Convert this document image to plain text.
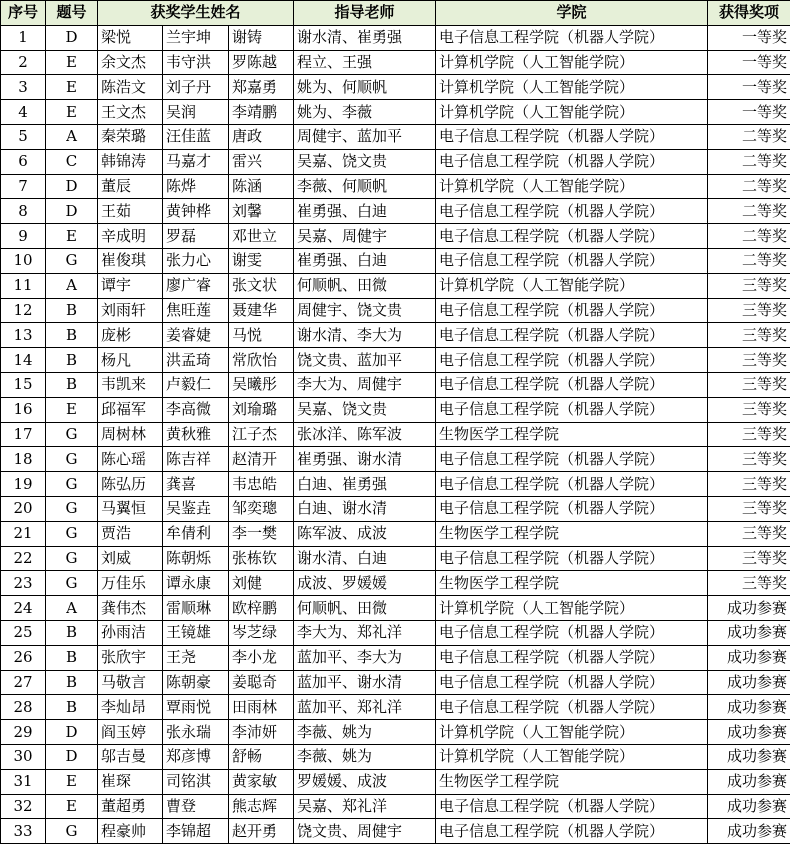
序号	题号	获奖学生姓名			指导老师	学院	获得奖项
1	D	梁悦	兰宇坤	谢铸	谢水清、崔勇强	电子信息工程学院（机器人学院）	一等奖
2	E	余文杰	韦守洪	罗陈越	程立、王强	计算机学院（人工智能学院）	一等奖
3	E	陈浩文	刘子丹	郑嘉勇	姚为、何顺帆	计算机学院（人工智能学院）	一等奖
4	E	王文杰	吴润	李靖鹏	姚为、李薇	计算机学院（人工智能学院）	一等奖
5	A	秦荣璐	汪佳蓝	唐政	周健宇、蓝加平	电子信息工程学院（机器人学院）	二等奖
6	C	韩锦涛	马嘉才	雷兴	吴嘉、饶文贵	电子信息工程学院（机器人学院）	二等奖
7	D	董辰	陈烨	陈涵	李薇、何顺帆	计算机学院（人工智能学院）	二等奖
8	D	王茹	黄钟桦	刘馨	崔勇强、白迪	电子信息工程学院（机器人学院）	二等奖
9	E	辛成明	罗磊	邓世立	吴嘉、周健宇	电子信息工程学院（机器人学院）	二等奖
10	G	崔俊琪	张力心	谢雯	崔勇强、白迪	电子信息工程学院（机器人学院）	二等奖
11	A	谭宇	廖广睿	张文状	何顺帆、田微	计算机学院（人工智能学院）	三等奖
12	B	刘雨轩	焦旺莲	聂建华	周健宇、饶文贵	电子信息工程学院（机器人学院）	三等奖
13	B	庞彬	姜睿婕	马悦	谢水清、李大为	电子信息工程学院（机器人学院）	三等奖
14	B	杨凡	洪孟琦	常欣怡	饶文贵、蓝加平	电子信息工程学院（机器人学院）	三等奖
15	B	韦凯来	卢毅仁	吴曦彤	李大为、周健宇	电子信息工程学院（机器人学院）	三等奖
16	E	邱福军	李高微	刘瑜璐	吴嘉、饶文贵	电子信息工程学院（机器人学院）	三等奖
17	G	周树林	黄秋雅	江子杰	张冰洋、陈军波	生物医学工程学院	三等奖
18	G	陈心瑶	陈吉祥	赵清开	崔勇强、谢水清	电子信息工程学院（机器人学院）	三等奖
19	G	陈弘历	龚喜	韦忠皓	白迪、崔勇强	电子信息工程学院（机器人学院）	三等奖
20	G	马翼恒	吴鉴垚	邹奕璁	白迪、谢水清	电子信息工程学院（机器人学院）	三等奖
21	G	贾浩	牟倩利	李一樊	陈军波、成波	生物医学工程学院	三等奖
22	G	刘威	陈朝烁	张栋钦	谢水清、白迪	电子信息工程学院（机器人学院）	三等奖
23	G	万佳乐	谭永康	刘健	成波、罗媛媛	生物医学工程学院	三等奖
24	A	龚伟杰	雷顺琳	欧梓鹏	何顺帆、田微	计算机学院（人工智能学院）	成功参赛
25	B	孙雨洁	王镜雄	岑芝绿	李大为、郑礼洋	电子信息工程学院（机器人学院）	成功参赛
26	B	张欣宇	王尧	李小龙	蓝加平、李大为	电子信息工程学院（机器人学院）	成功参赛
27	B	马敬言	陈朝豪	姜聪奇	蓝加平、谢水清	电子信息工程学院（机器人学院）	成功参赛
28	B	李灿昂	覃雨悦	田雨林	蓝加平、郑礼洋	电子信息工程学院（机器人学院）	成功参赛
29	D	阎玉婷	张永瑞	李沛妍	李薇、姚为	计算机学院（人工智能学院）	成功参赛
30	D	邬吉曼	郑彦博	舒畅	李薇、姚为	计算机学院（人工智能学院）	成功参赛
31	E	崔琛	司铭淇	黄家敏	罗媛媛、成波	生物医学工程学院	成功参赛
32	E	董超勇	曹登	熊志辉	吴嘉、郑礼洋	电子信息工程学院（机器人学院）	成功参赛
33	G	程豪帅	李锦超	赵开勇	饶文贵、周健宇	电子信息工程学院（机器人学院）	成功参赛
